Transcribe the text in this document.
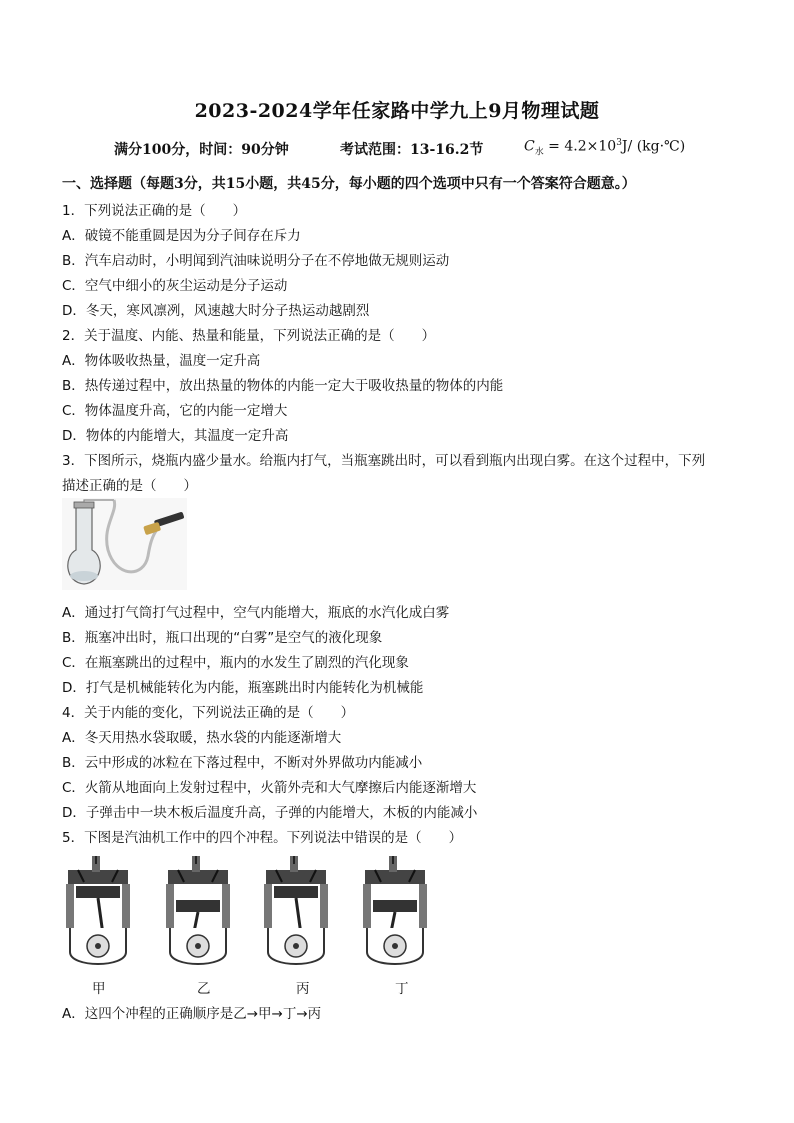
2023-2024学年任家路中学九上9月物理试题
满分100分，时间：90分钟	考试范围：13-16.2节	$C_水 = 4.2\times 10^3J/$ (kg·℃)
一、选择题（每题3分，共15小题，共45分，每小题的四个选项中只有一个答案符合题意。）
1．下列说法正确的是（　　）
A．破镜不能重圆是因为分子间存在斥力
B．汽车启动时，小明闻到汽油味说明分子在不停地做无规则运动
C．空气中细小的灰尘运动是分子运动
D．冬天，寒风凛冽，风速越大时分子热运动越剧烈
2．关于温度、内能、热量和能量，下列说法正确的是（　　）
A．物体吸收热量，温度一定升高
B．热传递过程中，放出热量的物体的内能一定大于吸收热量的物体的内能
C．物体温度升高，它的内能一定增大
D．物体的内能增大，其温度一定升高
3．下图所示，烧瓶内盛少量水。给瓶内打气，当瓶塞跳出时，可以看到瓶内出现白雾。在这个过程中，下列
描述正确的是（　　）
A．通过打气筒打气过程中，空气内能增大，瓶底的水汽化成白雾
B．瓶塞冲出时，瓶口出现的“白雾”是空气的液化现象
C．在瓶塞跳出的过程中，瓶内的水发生了剧烈的汽化现象
D．打气是机械能转化为内能，瓶塞跳出时内能转化为机械能
4．关于内能的变化，下列说法正确的是（　　）
A．冬天用热水袋取暖，热水袋的内能逐渐增大
B．云中形成的冰粒在下落过程中，不断对外界做功内能减小
C．火箭从地面向上发射过程中，火箭外壳和大气摩擦后内能逐渐增大
D．子弹击中一块木板后温度升高，子弹的内能增大，木板的内能减小
5．下图是汽油机工作中的四个冲程。下列说法中错误的是（　　）
甲	乙	丙	丁
A．这四个冲程的正确顺序是乙→甲→丁→丙
